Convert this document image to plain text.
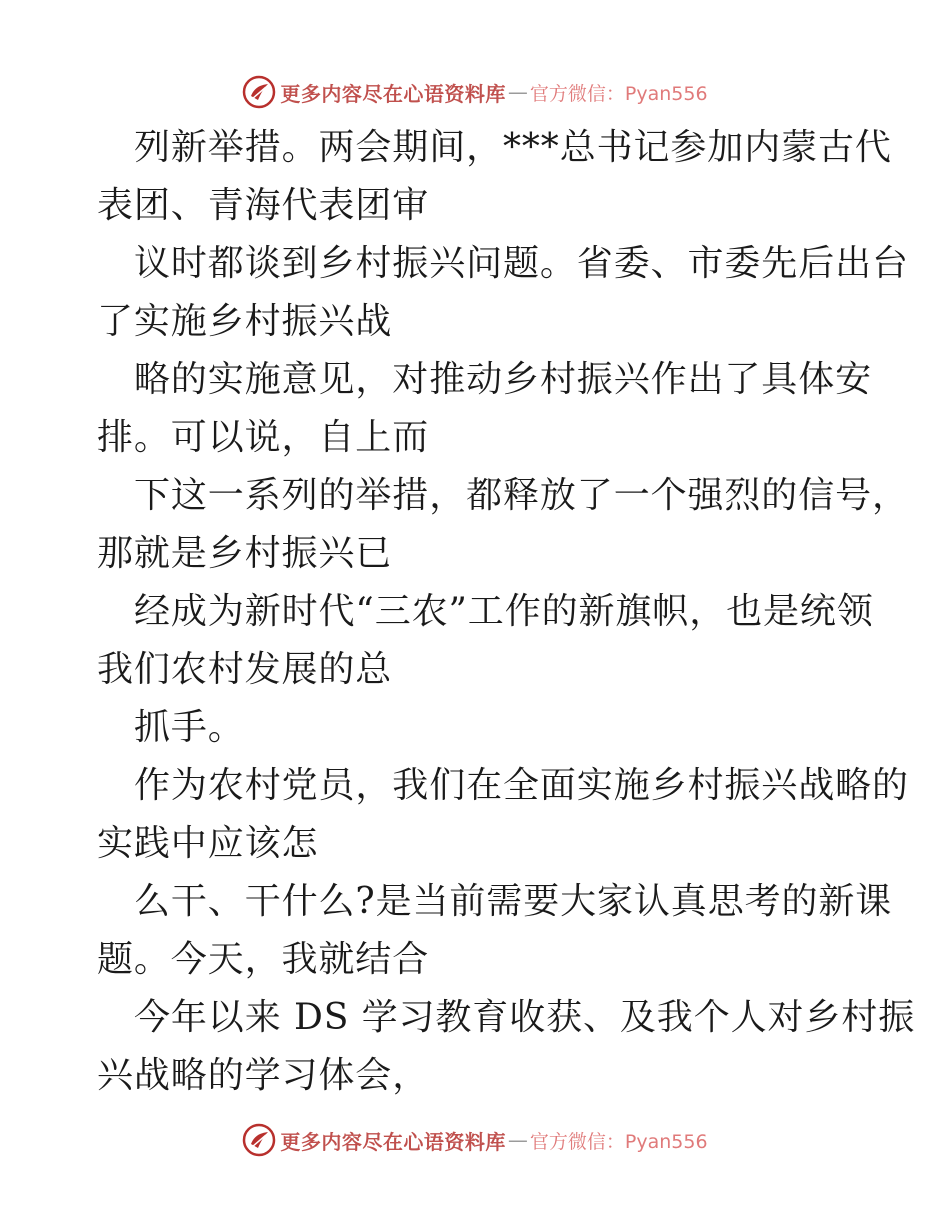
更多内容尽在心语资料库 — 官方微信：Pyan556
列新举措。两会期间，***总书记参加内蒙古代
表团、青海代表团审
议时都谈到乡村振兴问题。省委、市委先后出台
了实施乡村振兴战
略的实施意见，对推动乡村振兴作出了具体安
排。可以说，自上而
下这一系列的举措，都释放了一个强烈的信号，
那就是乡村振兴已
经成为新时代“三农”工作的新旗帜，也是统领
我们农村发展的总
抓手。
作为农村党员，我们在全面实施乡村振兴战略的
实践中应该怎
么干、干什么?是当前需要大家认真思考的新课
题。今天，我就结合
今年以来 DS 学习教育收获、及我个人对乡村振
兴战略的学习体会，
更多内容尽在心语资料库 — 官方微信：Pyan556
